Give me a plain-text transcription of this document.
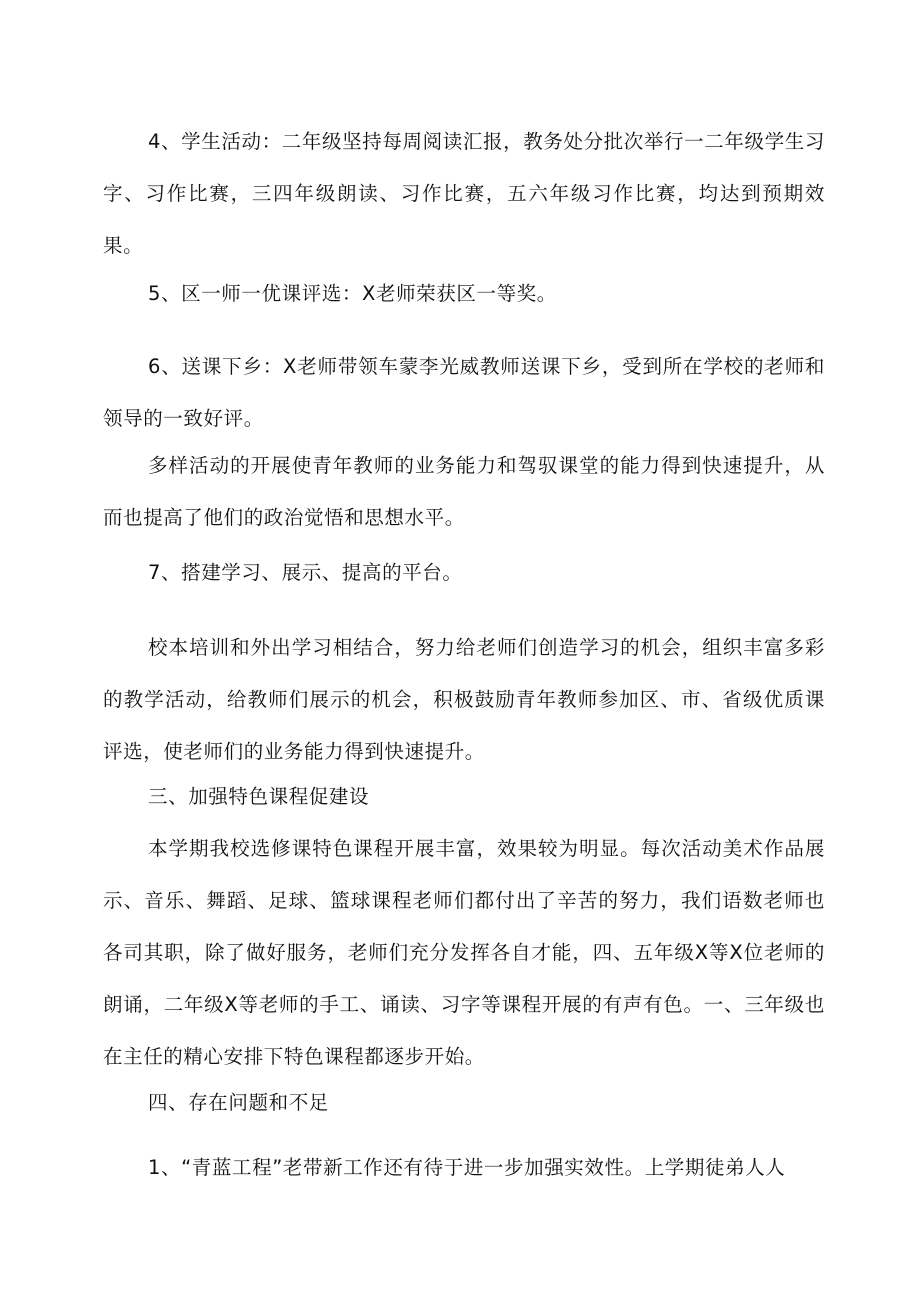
4、学生活动：二年级坚持每周阅读汇报，教务处分批次举行一二年级学生习字、习作比赛，三四年级朗读、习作比赛，五六年级习作比赛，均达到预期效果。

5、区一师一优课评选：X老师荣获区一等奖。

6、送课下乡：X老师带领车蒙李光威教师送课下乡，受到所在学校的老师和领导的一致好评。

多样活动的开展使青年教师的业务能力和驾驭课堂的能力得到快速提升，从而也提高了他们的政治觉悟和思想水平。

7、搭建学习、展示、提高的平台。

校本培训和外出学习相结合，努力给老师们创造学习的机会，组织丰富多彩的教学活动，给教师们展示的机会，积极鼓励青年教师参加区、市、省级优质课评选，使老师们的业务能力得到快速提升。

三、加强特色课程促建设

本学期我校选修课特色课程开展丰富，效果较为明显。每次活动美术作品展示、音乐、舞蹈、足球、篮球课程老师们都付出了辛苦的努力，我们语数老师也各司其职，除了做好服务，老师们充分发挥各自才能，四、五年级X等X位老师的朗诵，二年级X等老师的手工、诵读、习字等课程开展的有声有色。一、三年级也在主任的精心安排下特色课程都逐步开始。

四、存在问题和不足

1、“青蓝工程”老带新工作还有待于进一步加强实效性。上学期徒弟人人
